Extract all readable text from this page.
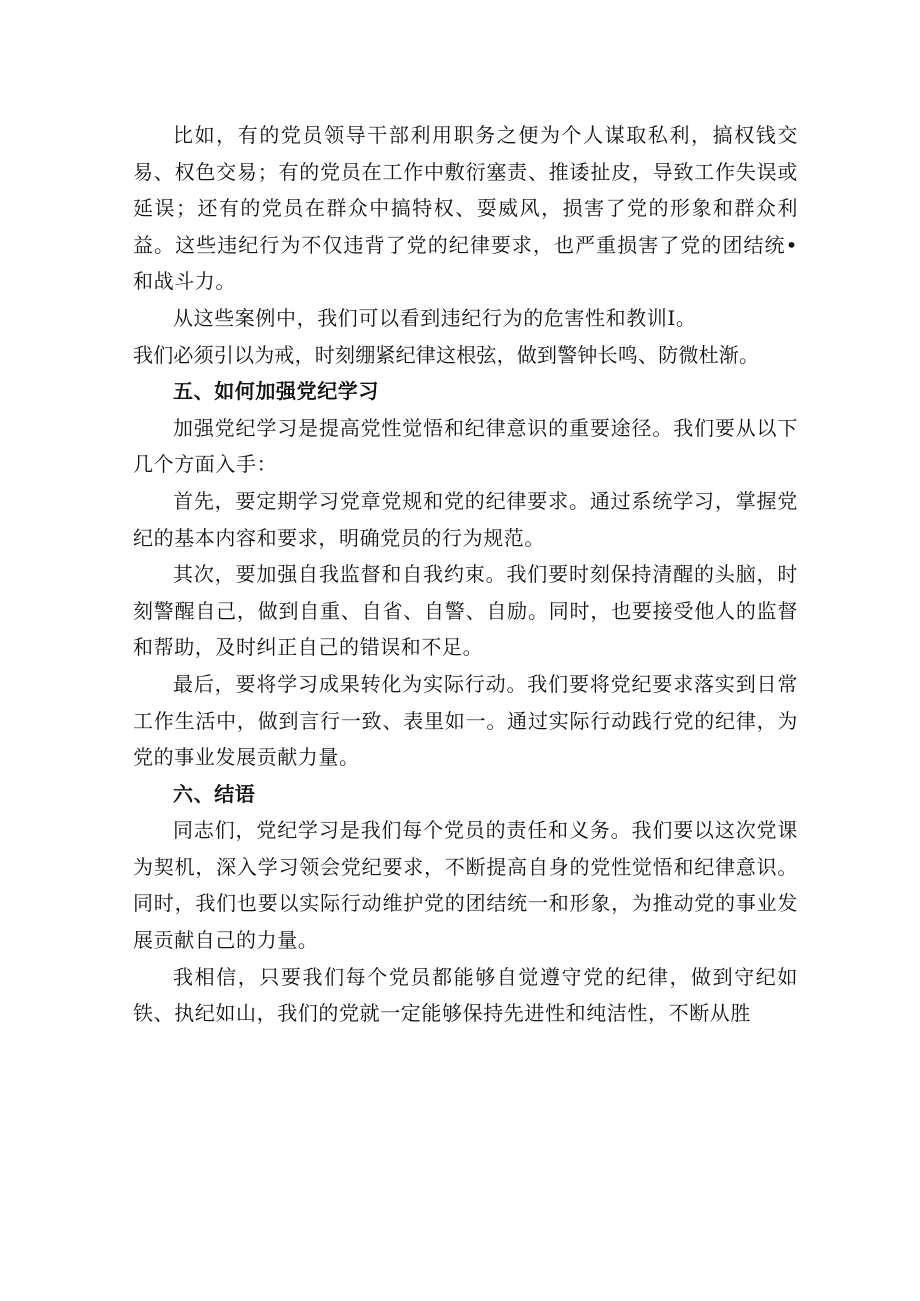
比如，有的党员领导干部利用职务之便为个人谋取私利，搞权钱交易、权色交易；有的党员在工作中敷衍塞责、推诿扯皮，导致工作失误或延误；还有的党员在群众中搞特权、耍威风，损害了党的形象和群众利益。这些违纪行为不仅违背了党的纪律要求，也严重损害了党的团结统•和战斗力。

从这些案例中，我们可以看到违纪行为的危害性和教训I。

我们必须引以为戒，时刻绷紧纪律这根弦，做到警钟长鸣、防微杜渐。

五、如何加强党纪学习

加强党纪学习是提高党性觉悟和纪律意识的重要途径。我们要从以下几个方面入手：

首先，要定期学习党章党规和党的纪律要求。通过系统学习，掌握党纪的基本内容和要求，明确党员的行为规范。

其次，要加强自我监督和自我约束。我们要时刻保持清醒的头脑，时刻警醒自己，做到自重、自省、自警、自励。同时，也要接受他人的监督和帮助，及时纠正自己的错误和不足。

最后，要将学习成果转化为实际行动。我们要将党纪要求落实到日常工作生活中，做到言行一致、表里如一。通过实际行动践行党的纪律，为党的事业发展贡献力量。

六、结语

同志们，党纪学习是我们每个党员的责任和义务。我们要以这次党课为契机，深入学习领会党纪要求，不断提高自身的党性觉悟和纪律意识。同时，我们也要以实际行动维护党的团结统一和形象，为推动党的事业发展贡献自己的力量。

我相信，只要我们每个党员都能够自觉遵守党的纪律，做到守纪如铁、执纪如山，我们的党就一定能够保持先进性和纯洁性，不断从胜
